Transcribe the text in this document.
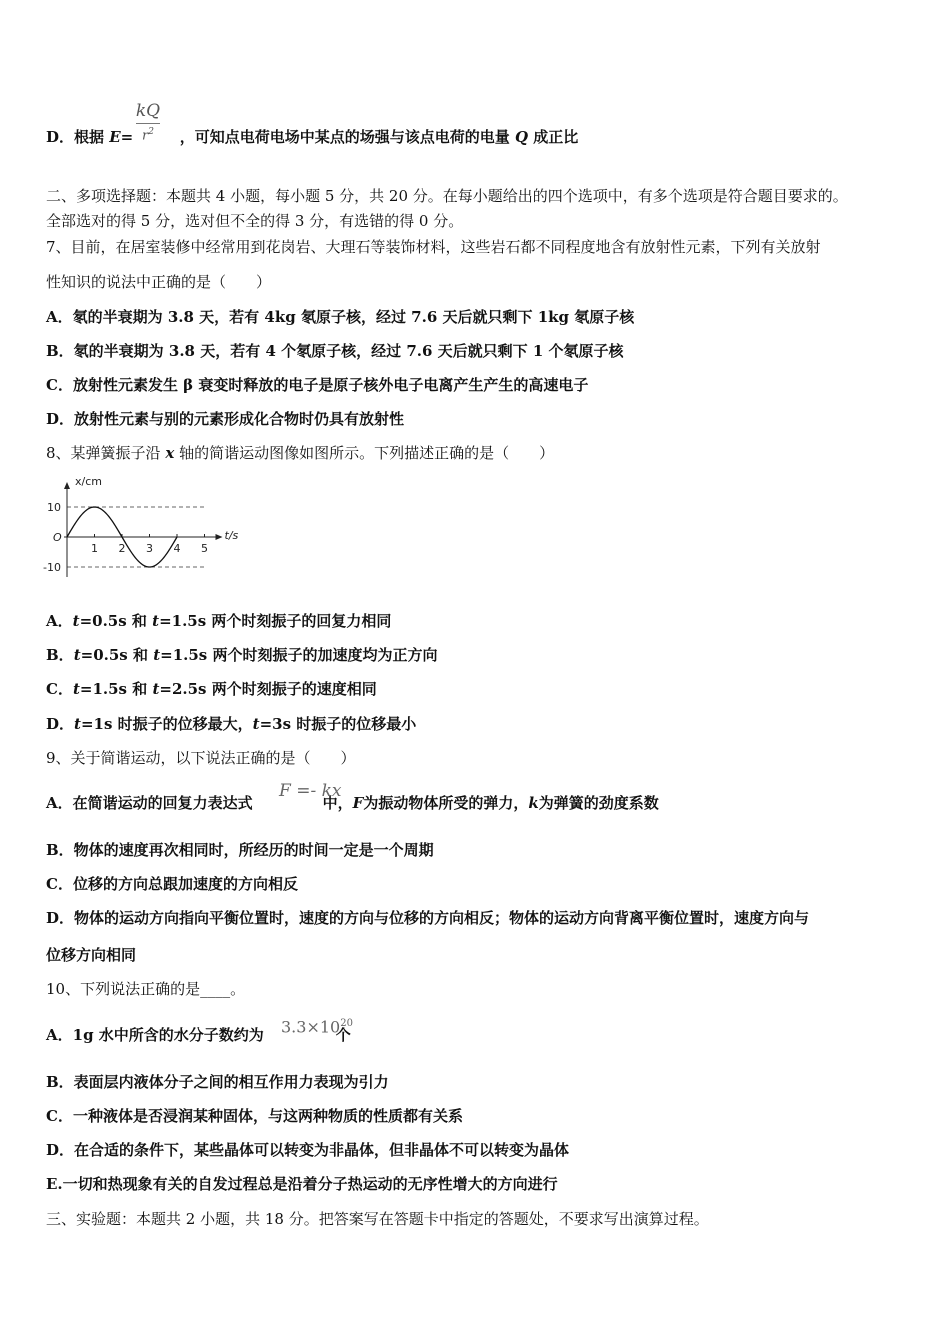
D．根据 E=	，可知点电荷电场中某点的场强与该点电荷的电量 Q 成正比
kQ
$r^2$
二、多项选择题：本题共 4 小题，每小题 5 分，共 20 分。在每小题给出的四个选项中，有多个选项是符合题目要求的。
全部选对的得 5 分，选对但不全的得 3 分，有选错的得 0 分。
7、目前，在居室装修中经常用到花岗岩、大理石等装饰材料，这些岩石都不同程度地含有放射性元素，下列有关放射
性知识的说法中正确的是（　　）
A．氡的半衰期为 3.8 天，若有 4kg 氡原子核，经过 7.6 天后就只剩下 1kg 氡原子核
B．氡的半衰期为 3.8 天，若有 4 个氡原子核，经过 7.6 天后就只剩下 1 个氡原子核
C．放射性元素发生 β 衰变时释放的电子是原子核外电子电离产生产生的高速电子
D．放射性元素与别的元素形成化合物时仍具有放射性
8、某弹簧振子沿 x 轴的简谐运动图像如图所示。下列描述正确的是（　　）
x/cm
t/s
O
10
-10
1 2 3 4 5
A．t=0.5s 和 t=1.5s 两个时刻振子的回复力相同
B．t=0.5s 和 t=1.5s 两个时刻振子的加速度均为正方向
C．t=1.5s 和 t=2.5s 两个时刻振子的速度相同
D．t=1s 时振子的位移最大，t=3s 时振子的位移最小
9、关于简谐运动，以下说法正确的是（　　）
A．在简谐运动的回复力表达式	中，F为振动物体所受的弹力，k为弹簧的劲度系数
F =- kx
B．物体的速度再次相同时，所经历的时间一定是一个周期
C．位移的方向总跟加速度的方向相反
D．物体的运动方向指向平衡位置时，速度的方向与位移的方向相反；物体的运动方向背离平衡位置时，速度方向与
位移方向相同
10、下列说法正确的是____。
A．1g 水中所含的水分子数约为	个
$3.3\times 10^{20}$
B．表面层内液体分子之间的相互作用力表现为引力
C．一种液体是否浸润某种固体，与这两种物质的性质都有关系
D．在合适的条件下，某些晶体可以转变为非晶体，但非晶体不可以转变为晶体
E.一切和热现象有关的自发过程总是沿着分子热运动的无序性增大的方向进行
三、实验题：本题共 2 小题，共 18 分。把答案写在答题卡中指定的答题处，不要求写出演算过程。
